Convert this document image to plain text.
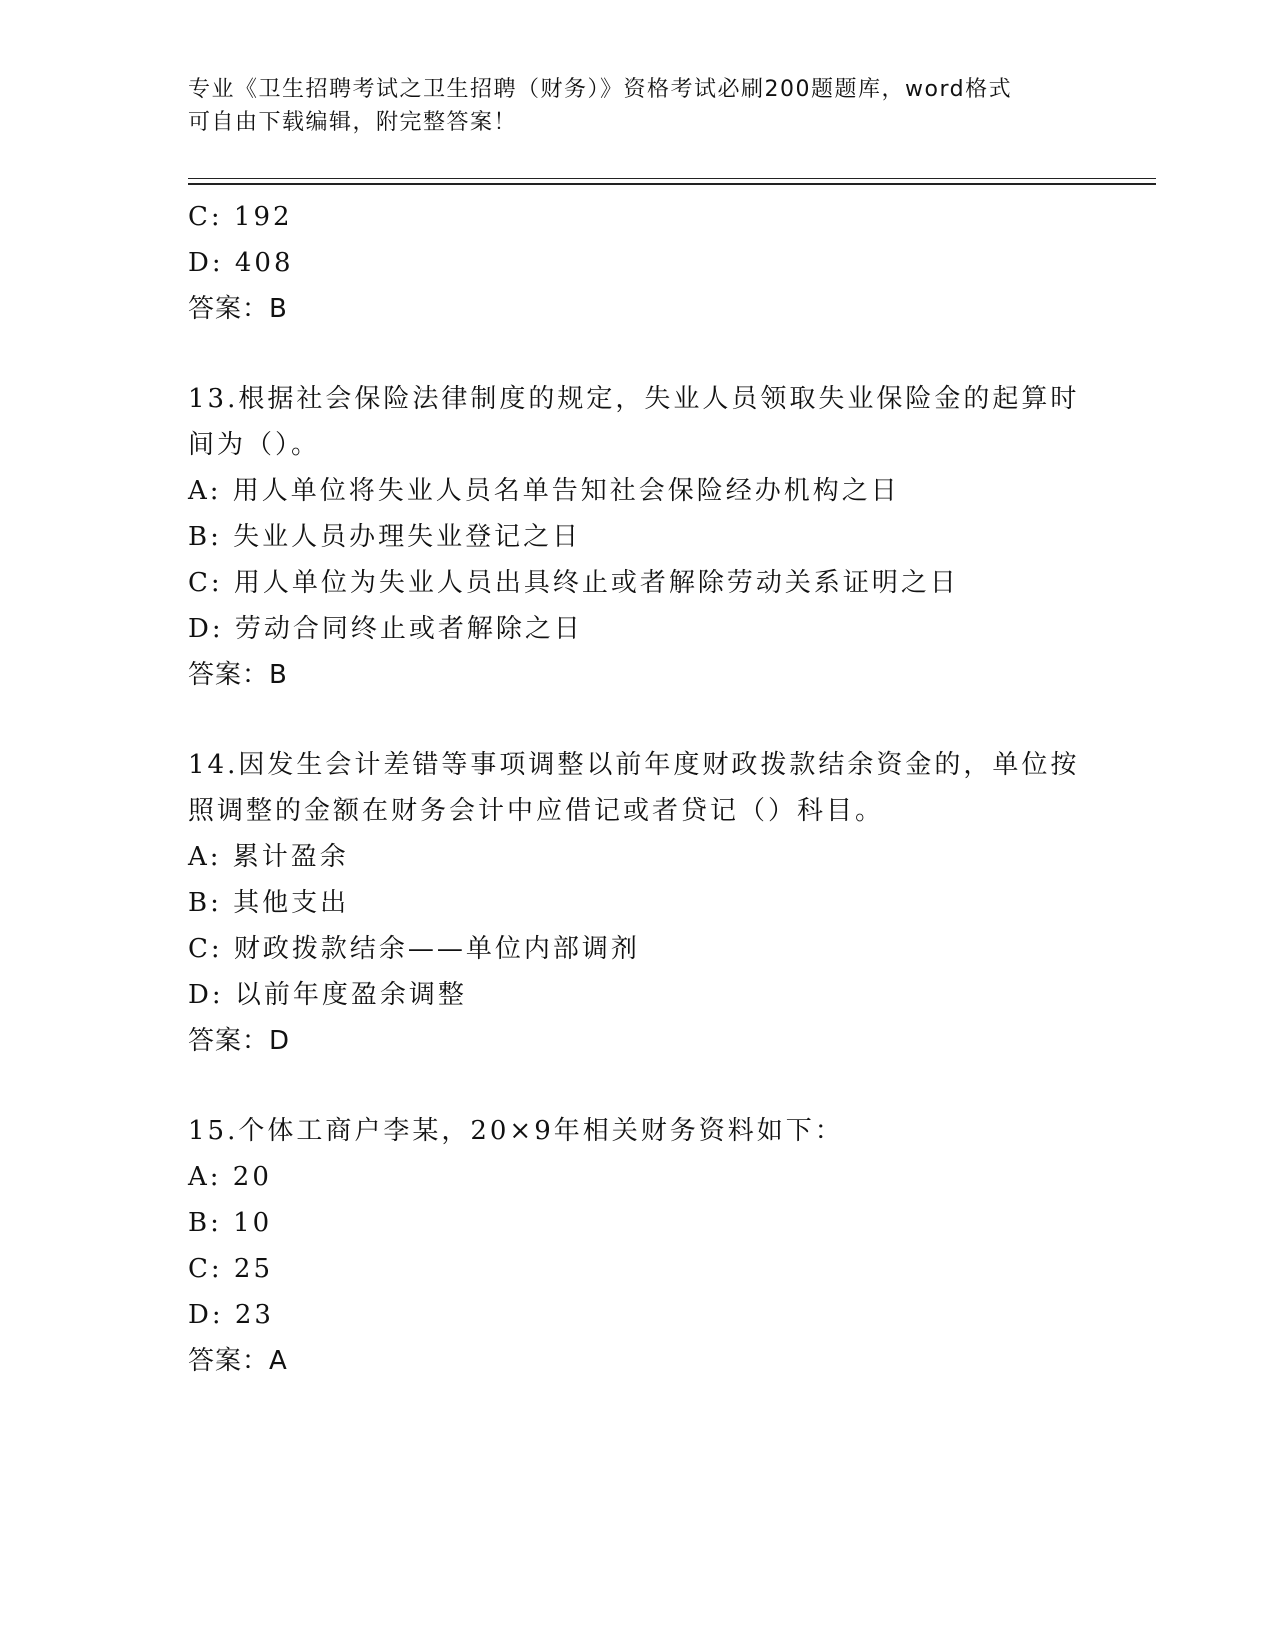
专业《卫生招聘考试之卫生招聘（财务）》资格考试必刷200题题库，word格式
可自由下载编辑，附完整答案！
C: 192
D: 408
答案：B
13.根据社会保险法律制度的规定，失业人员领取失业保险金的起算时
间为（）。
A: 用人单位将失业人员名单告知社会保险经办机构之日
B: 失业人员办理失业登记之日
C: 用人单位为失业人员出具终止或者解除劳动关系证明之日
D: 劳动合同终止或者解除之日
答案：B
14.因发生会计差错等事项调整以前年度财政拨款结余资金的，单位按
照调整的金额在财务会计中应借记或者贷记（）科目。
A: 累计盈余
B: 其他支出
C: 财政拨款结余——单位内部调剂
D: 以前年度盈余调整
答案：D
15.个体工商户李某，20×9年相关财务资料如下：
A: 20
B: 10
C: 25
D: 23
答案：A
